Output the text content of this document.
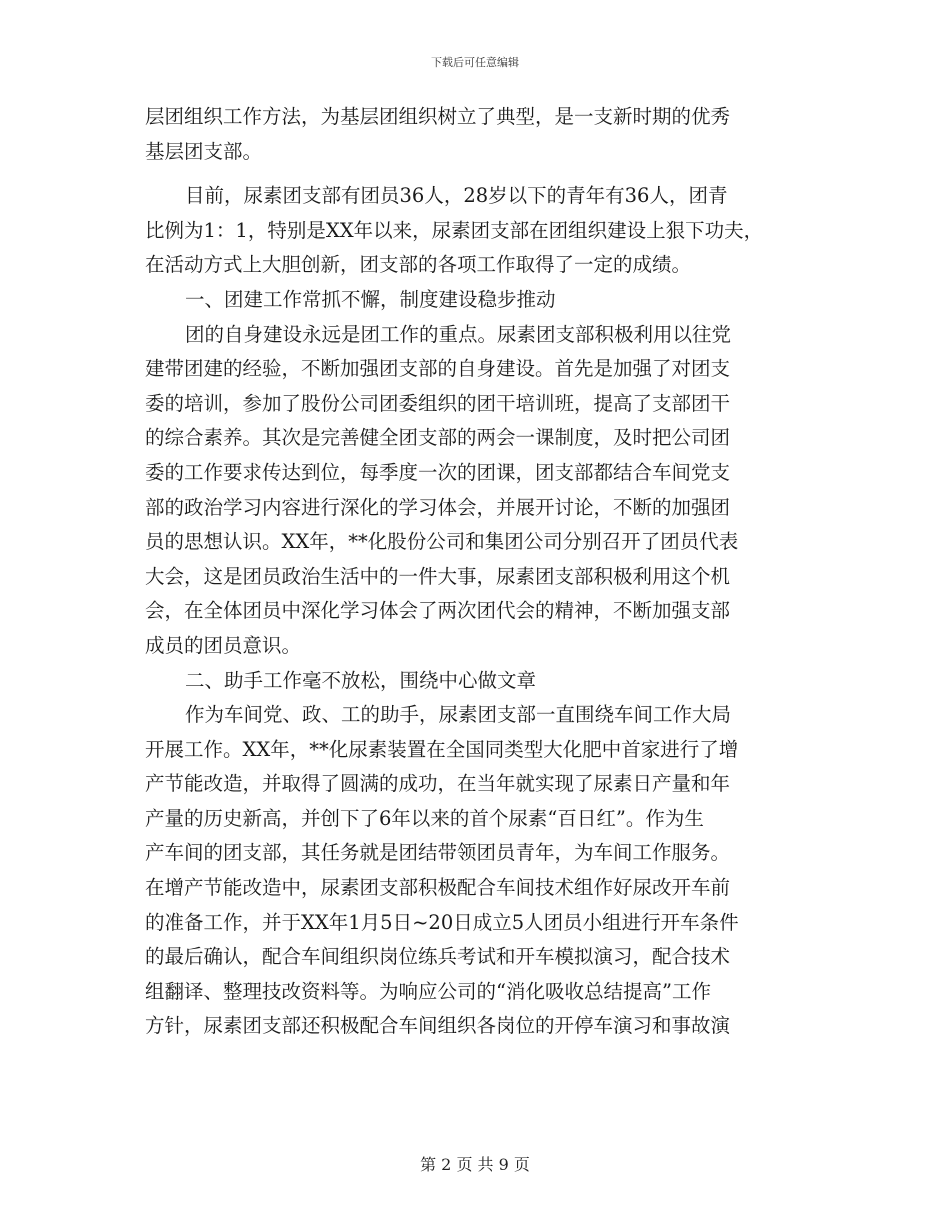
下载后可任意编辑
层团组织工作方法，为基层团组织树立了典型，是一支新时期的优秀
基层团支部。
目前，尿素团支部有团员36人，28岁以下的青年有36人，团青
比例为1：1，特别是XX年以来，尿素团支部在团组织建设上狠下功夫，
在活动方式上大胆创新，团支部的各项工作取得了一定的成绩。
一、团建工作常抓不懈，制度建设稳步推动
团的自身建设永远是团工作的重点。尿素团支部积极利用以往党
建带团建的经验，不断加强团支部的自身建设。首先是加强了对团支
委的培训，参加了股份公司团委组织的团干培训班，提高了支部团干
的综合素养。其次是完善健全团支部的两会一课制度，及时把公司团
委的工作要求传达到位，每季度一次的团课，团支部都结合车间党支
部的政治学习内容进行深化的学习体会，并展开讨论，不断的加强团
员的思想认识。XX年，**化股份公司和集团公司分别召开了团员代表
大会，这是团员政治生活中的一件大事，尿素团支部积极利用这个机
会，在全体团员中深化学习体会了两次团代会的精神，不断加强支部
成员的团员意识。
二、助手工作毫不放松，围绕中心做文章
作为车间党、政、工的助手，尿素团支部一直围绕车间工作大局
开展工作。XX年，**化尿素装置在全国同类型大化肥中首家进行了增
产节能改造，并取得了圆满的成功，在当年就实现了尿素日产量和年
产量的历史新高，并创下了6年以来的首个尿素“百日红”。作为生
产车间的团支部，其任务就是团结带领团员青年，为车间工作服务。
在增产节能改造中，尿素团支部积极配合车间技术组作好尿改开车前
的准备工作，并于XX年1月5日~20日成立5人团员小组进行开车条件
的最后确认，配合车间组织岗位练兵考试和开车模拟演习，配合技术
组翻译、整理技改资料等。为响应公司的“消化吸收总结提高”工作
方针，尿素团支部还积极配合车间组织各岗位的开停车演习和事故演
第 2 页 共 9 页
